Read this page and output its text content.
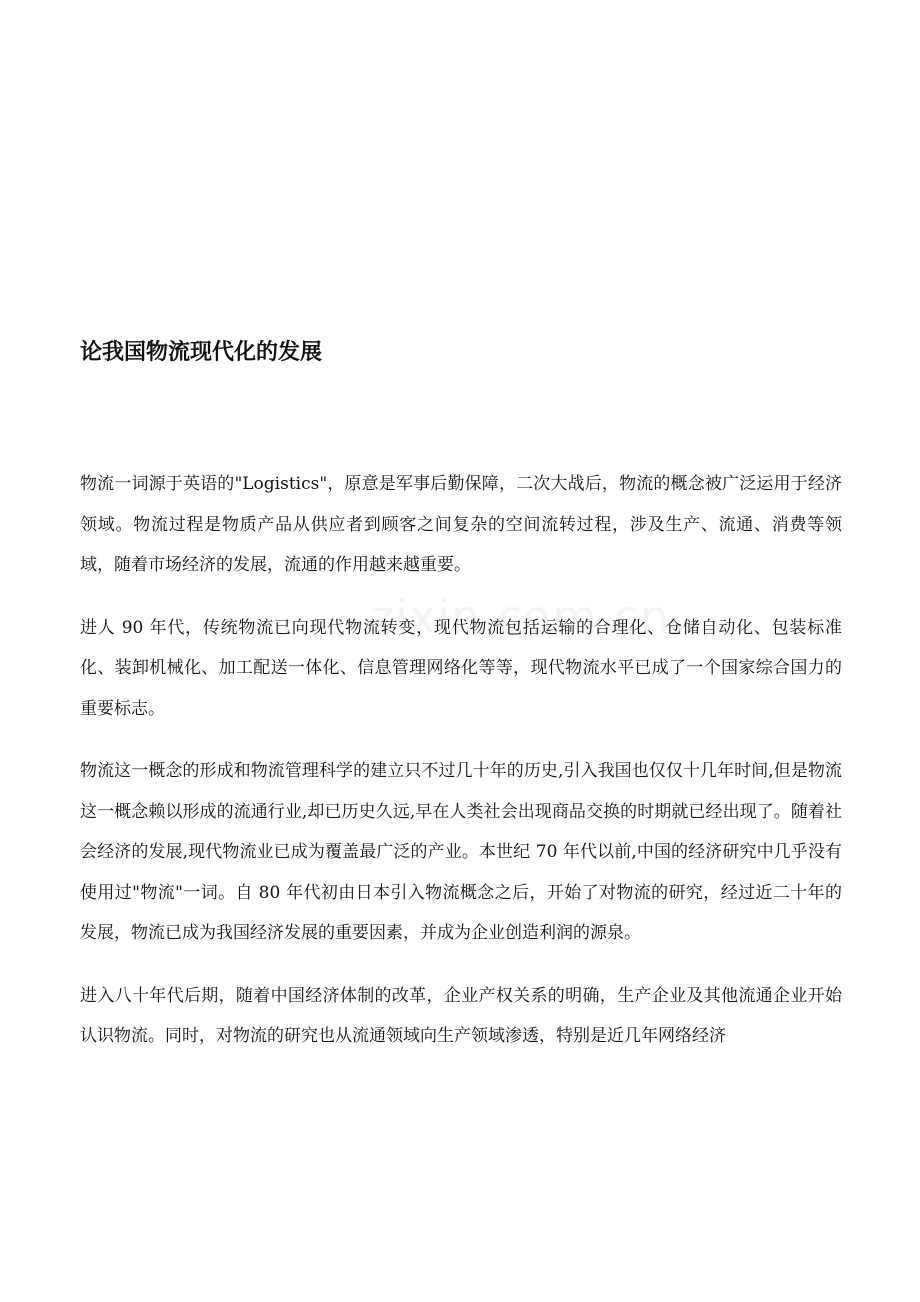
论我国物流现代化的发展

物流一词源于英语的"Logistics"，原意是军事后勤保障，二次大战后，物流的概念被广泛运用于经济领域。物流过程是物质产品从供应者到顾客之间复杂的空间流转过程，涉及生产、流通、消费等领域，随着市场经济的发展，流通的作用越来越重要。

进人 90 年代，传统物流已向现代物流转变，现代物流包括运输的合理化、仓储自动化、包装标准化、装卸机械化、加工配送一体化、信息管理网络化等等，现代物流水平已成了一个国家综合国力的重要标志。

物流这一概念的形成和物流管理科学的建立只不过几十年的历史,引入我国也仅仅十几年时间,但是物流这一概念赖以形成的流通行业,却已历史久远,早在人类社会出现商品交换的时期就已经出现了。随着社会经济的发展,现代物流业已成为覆盖最广泛的产业。本世纪 70 年代以前,中国的经济研究中几乎没有使用过"物流"一词。自 80 年代初由日本引入物流概念之后，开始了对物流的研究，经过近二十年的发展，物流已成为我国经济发展的重要因素，并成为企业创造利润的源泉。

进入八十年代后期，随着中国经济体制的改革，企业产权关系的明确，生产企业及其他流通企业开始认识物流。同时，对物流的研究也从流通领域向生产领域渗透，特别是近几年网络经济
